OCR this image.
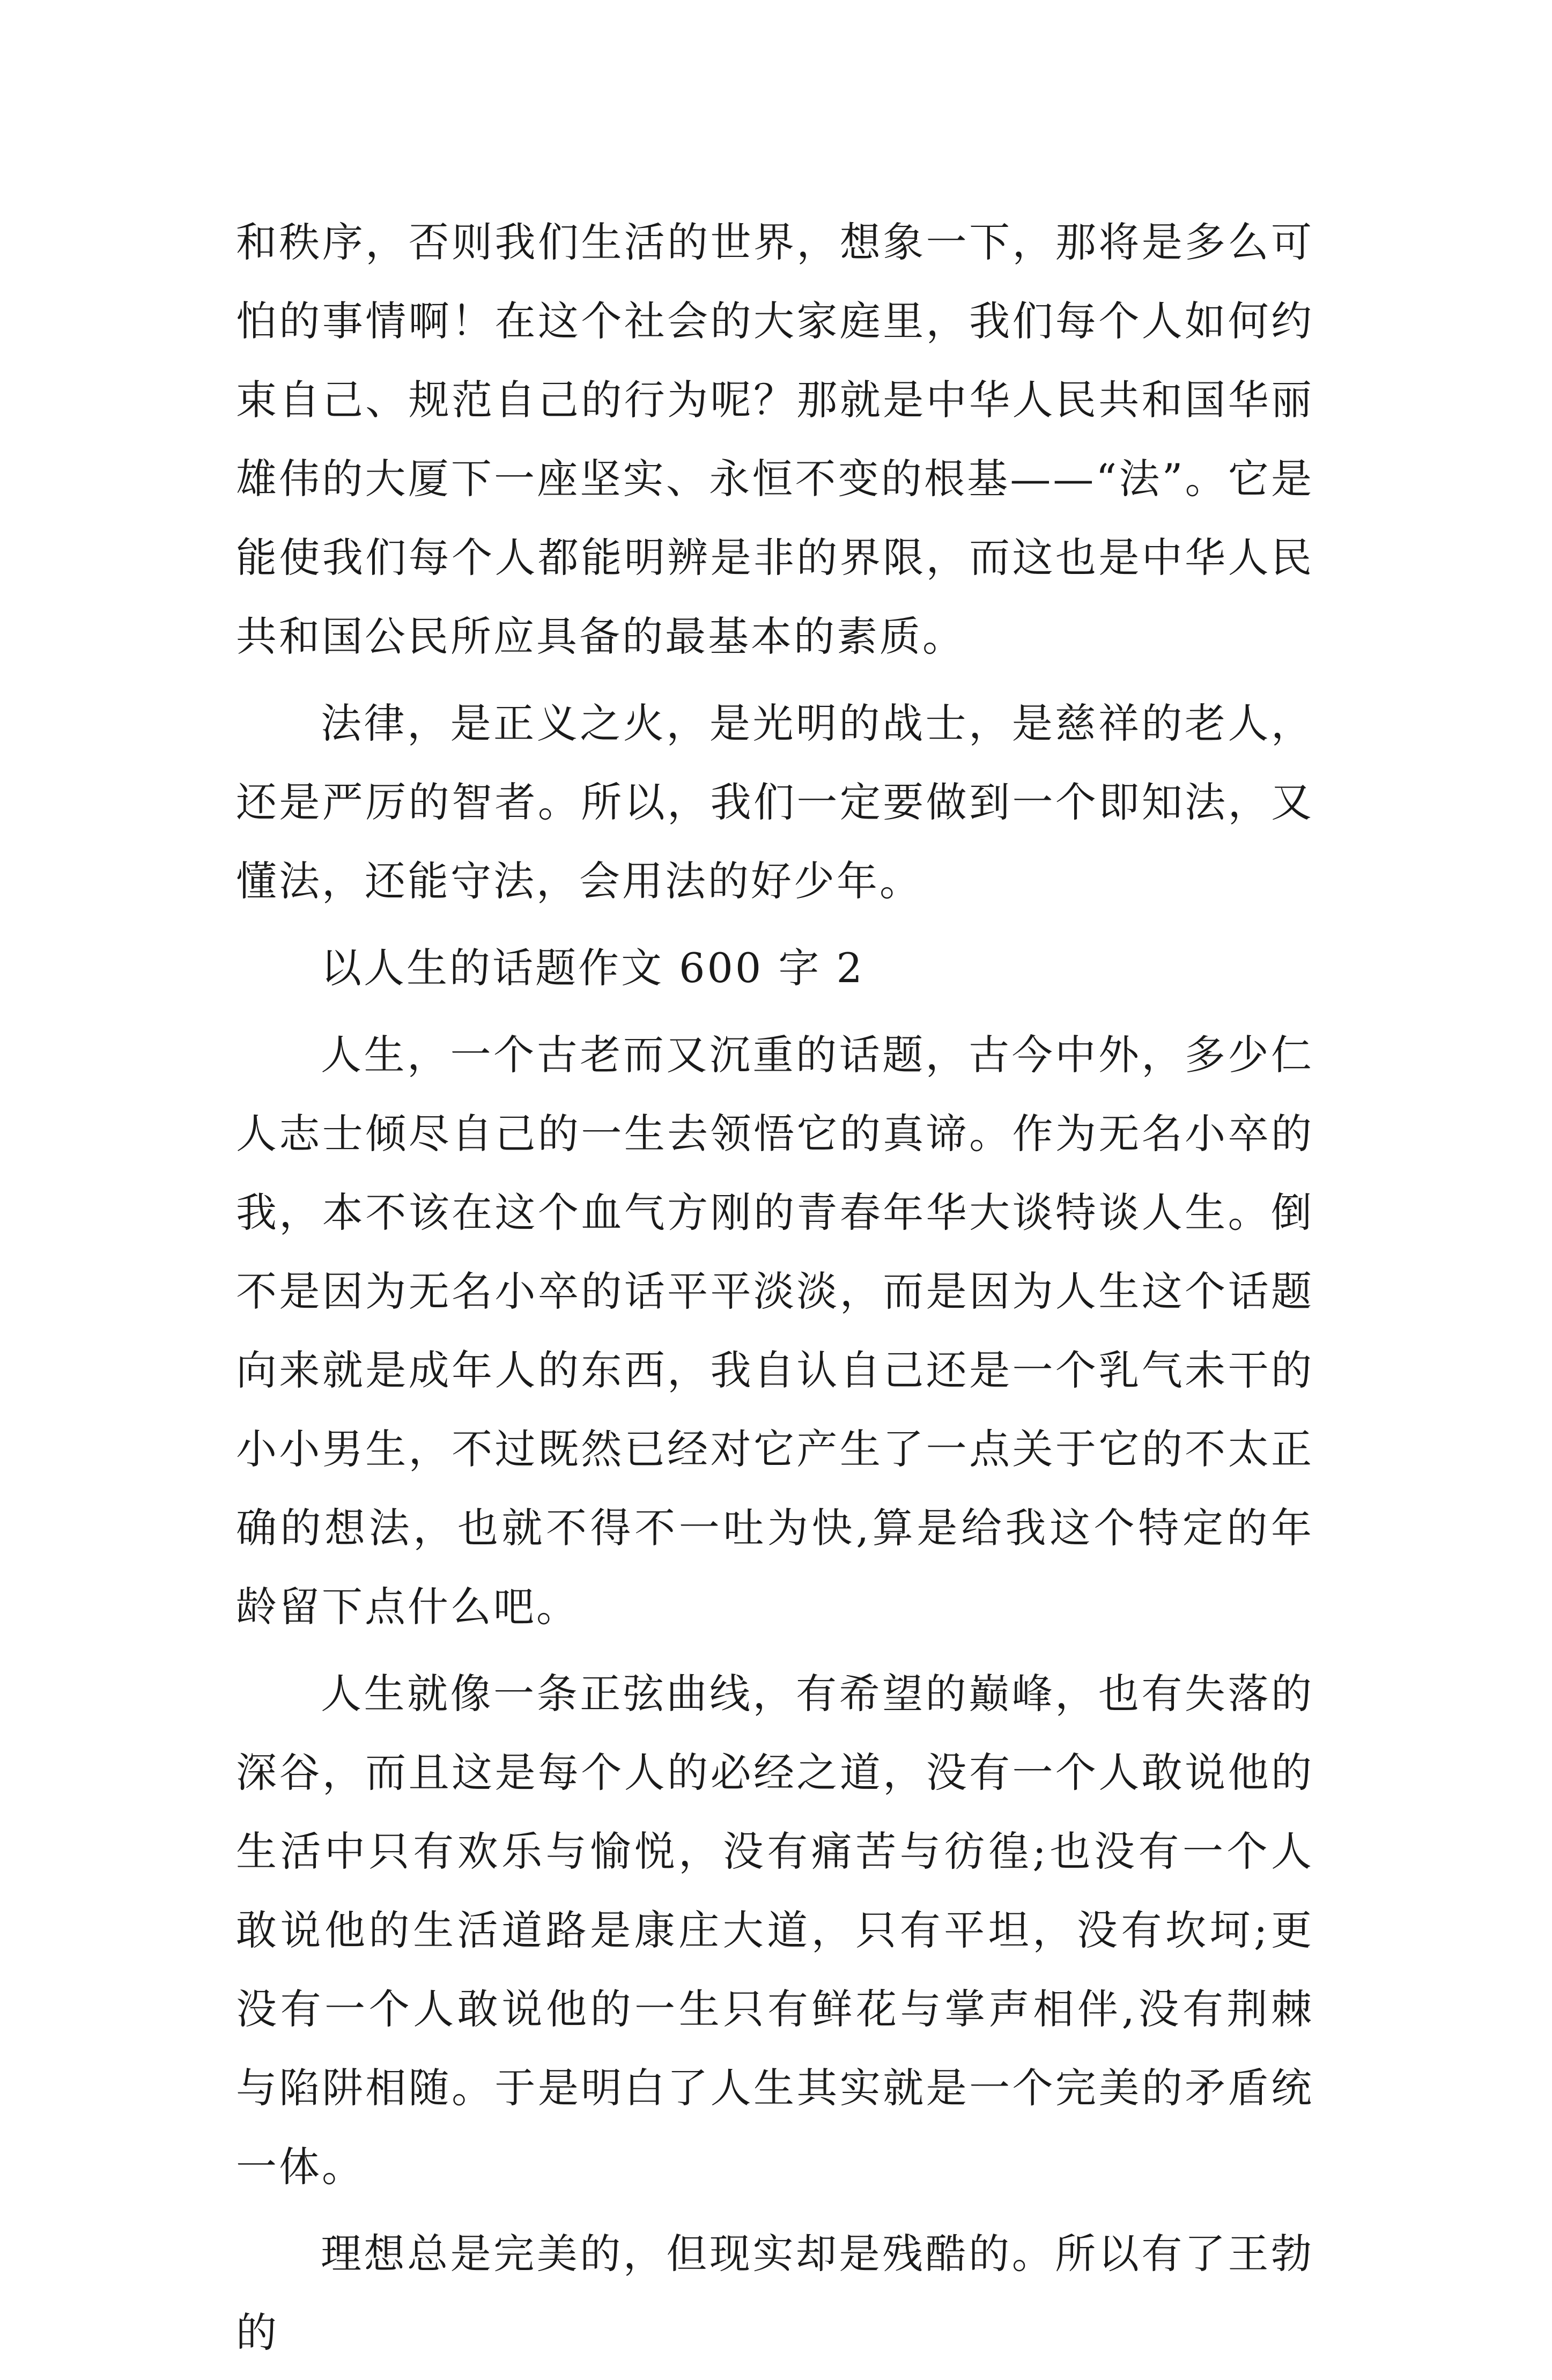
和秩序，否则我们生活的世界，想象一下，那将是多么可怕的事情啊！在这个社会的大家庭里，我们每个人如何约束自己、规范自己的行为呢？那就是中华人民共和国华丽雄伟的大厦下一座坚实、永恒不变的根基——“法”。它是能使我们每个人都能明辨是非的界限，而这也是中华人民共和国公民所应具备的最基本的素质。

法律，是正义之火，是光明的战士，是慈祥的老人，还是严厉的智者。所以，我们一定要做到一个即知法，又懂法，还能守法，会用法的好少年。

以人生的话题作文 600 字 2

人生，一个古老而又沉重的话题，古今中外，多少仁人志士倾尽自己的一生去领悟它的真谛。作为无名小卒的我，本不该在这个血气方刚的青春年华大谈特谈人生。倒不是因为无名小卒的话平平淡淡，而是因为人生这个话题向来就是成年人的东西，我自认自己还是一个乳气未干的小小男生，不过既然已经对它产生了一点关于它的不太正确的想法，也就不得不一吐为快,算是给我这个特定的年龄留下点什么吧。

人生就像一条正弦曲线，有希望的巅峰，也有失落的深谷，而且这是每个人的必经之道，没有一个人敢说他的生活中只有欢乐与愉悦，没有痛苦与彷徨;也没有一个人敢说他的生活道路是康庄大道，只有平坦，没有坎坷;更没有一个人敢说他的一生只有鲜花与掌声相伴,没有荆棘与陷阱相随。于是明白了人生其实就是一个完美的矛盾统一体。

理想总是完美的，但现实却是残酷的。所以有了王勃的
